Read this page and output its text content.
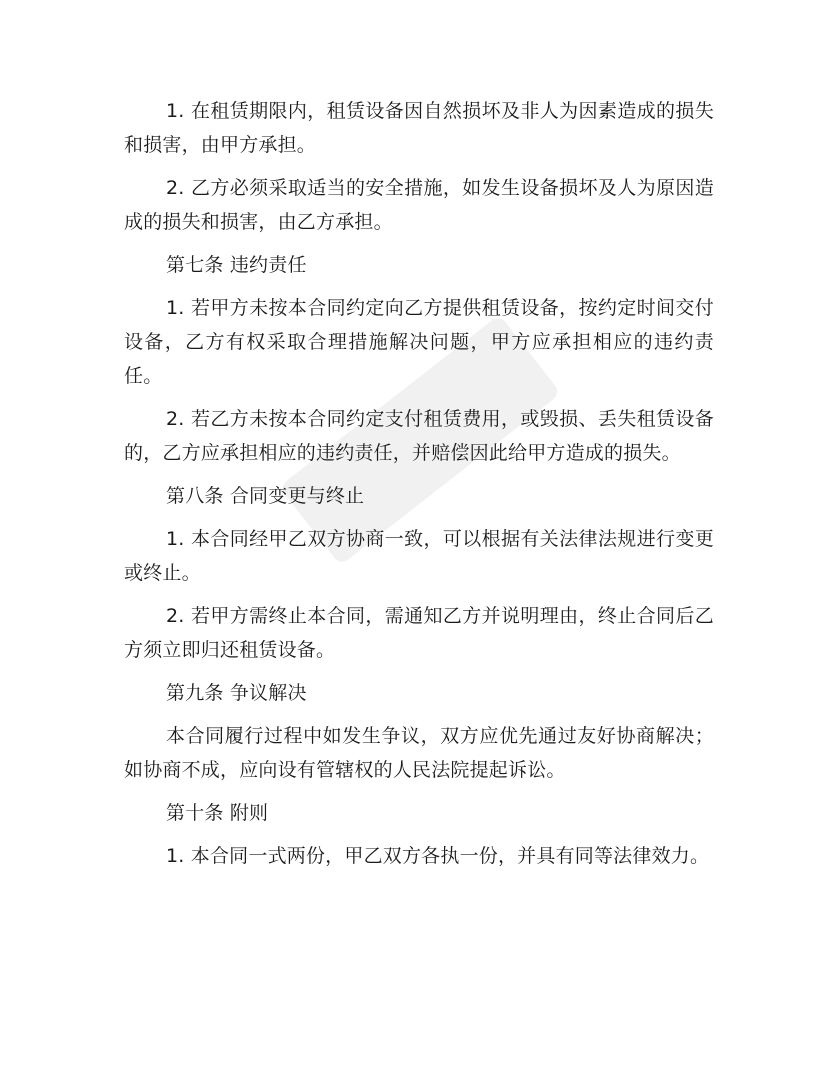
1. 在租赁期限内，租赁设备因自然损坏及非人为因素造成的损失和损害，由甲方承担。

2. 乙方必须采取适当的安全措施，如发生设备损坏及人为原因造成的损失和损害，由乙方承担。

第七条 违约责任

1. 若甲方未按本合同约定向乙方提供租赁设备，按约定时间交付设备，乙方有权采取合理措施解决问题，甲方应承担相应的违约责任。

2. 若乙方未按本合同约定支付租赁费用，或毁损、丢失租赁设备的，乙方应承担相应的违约责任，并赔偿因此给甲方造成的损失。

第八条 合同变更与终止

1. 本合同经甲乙双方协商一致，可以根据有关法律法规进行变更或终止。

2. 若甲方需终止本合同，需通知乙方并说明理由，终止合同后乙方须立即归还租赁设备。

第九条 争议解决

本合同履行过程中如发生争议，双方应优先通过友好协商解决；如协商不成，应向设有管辖权的人民法院提起诉讼。

第十条 附则

1. 本合同一式两份，甲乙双方各执一份，并具有同等法律效力。
